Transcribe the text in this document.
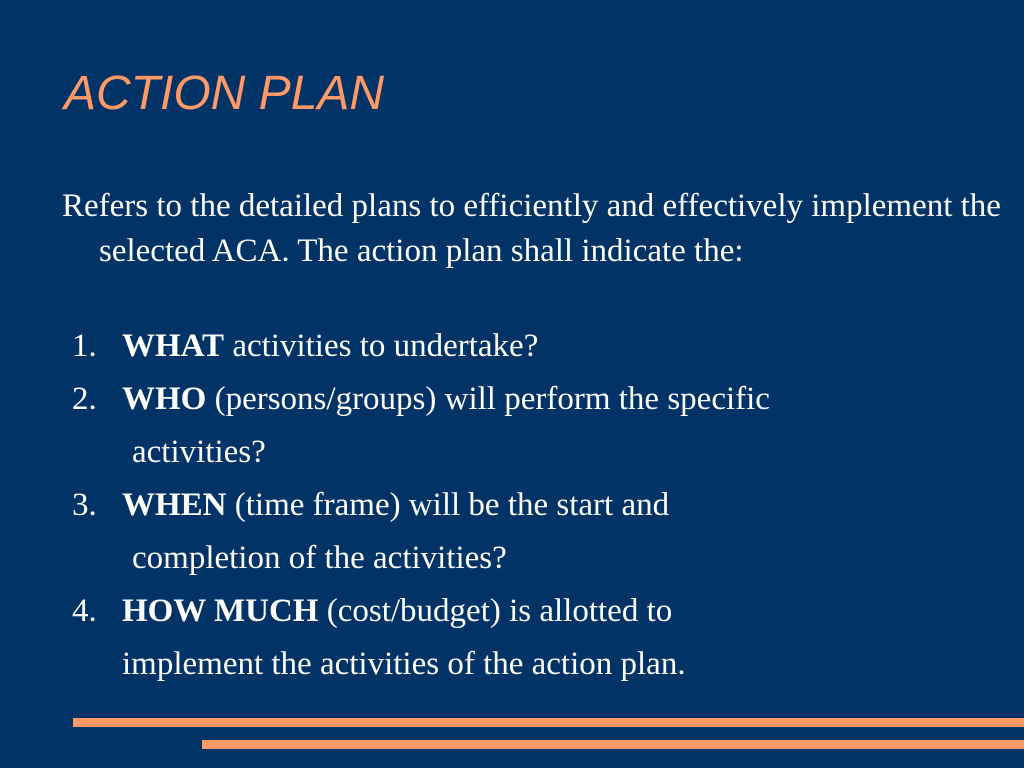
ACTION PLAN
Refers to the detailed plans to efficiently and effectively implement the selected ACA. The action plan shall indicate the:
1. WHAT activities to undertake?
2. WHO (persons/groups) will perform the specific
activities?
3. WHEN (time frame) will be the start and
completion of the activities?
4. HOW MUCH (cost/budget) is allotted to
implement the activities of the action plan.
